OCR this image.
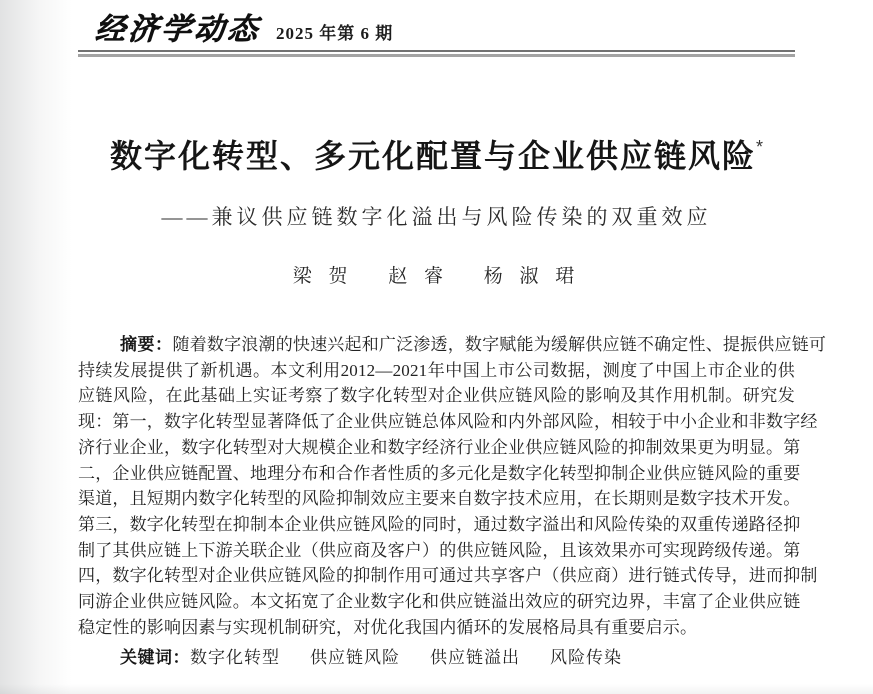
经济学动态 2025 年第 6 期
数字化转型、多元化配置与企业供应链风险*
——兼议供应链数字化溢出与风险传染的双重效应
梁 贺 赵 睿 杨 淑 珺
摘要：随着数字浪潮的快速兴起和广泛渗透，数字赋能为缓解供应链不确定性、提振供应链可
持续发展提供了新机遇。本文利用2012—2021年中国上市公司数据，测度了中国上市企业的供
应链风险，在此基础上实证考察了数字化转型对企业供应链风险的影响及其作用机制。研究发
现：第一，数字化转型显著降低了企业供应链总体风险和内外部风险，相较于中小企业和非数字经
济行业企业，数字化转型对大规模企业和数字经济行业企业供应链风险的抑制效果更为明显。第
二，企业供应链配置、地理分布和合作者性质的多元化是数字化转型抑制企业供应链风险的重要
渠道，且短期内数字化转型的风险抑制效应主要来自数字技术应用，在长期则是数字技术开发。
第三，数字化转型在抑制本企业供应链风险的同时，通过数字溢出和风险传染的双重传递路径抑
制了其供应链上下游关联企业（供应商及客户）的供应链风险，且该效果亦可实现跨级传递。第
四，数字化转型对企业供应链风险的抑制作用可通过共享客户（供应商）进行链式传导，进而抑制
同游企业供应链风险。本文拓宽了企业数字化和供应链溢出效应的研究边界，丰富了企业供应链
稳定性的影响因素与实现机制研究，对优化我国内循环的发展格局具有重要启示。
关键词：数字化转型 供应链风险 供应链溢出 风险传染
